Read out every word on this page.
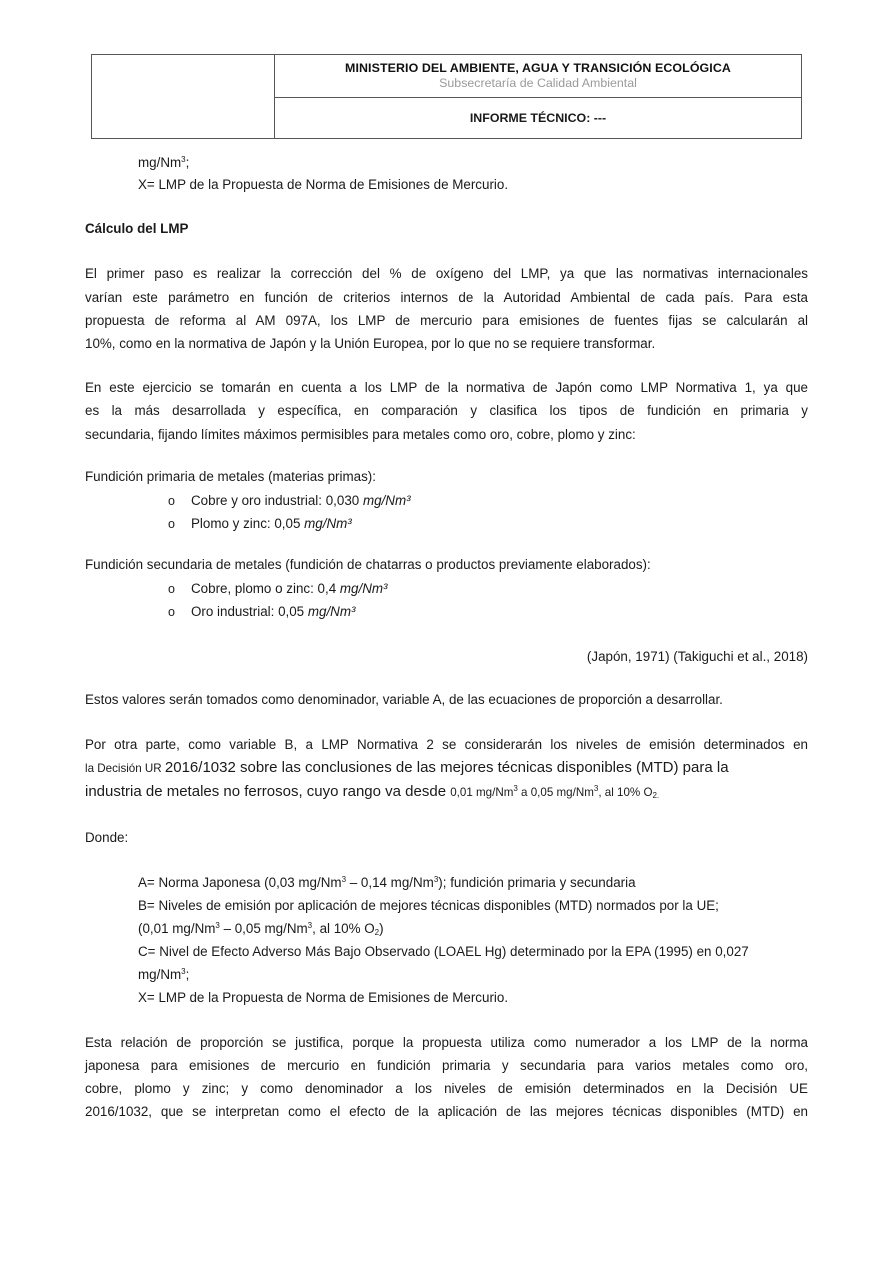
MINISTERIO DEL AMBIENTE, AGUA Y TRANSICIÓN ECOLÓGICA
Subsecretaría de Calidad Ambiental
INFORME TÉCNICO: ---
mg/Nm$^3$;
X= LMP de la Propuesta de Norma de Emisiones de Mercurio.
Cálculo del LMP
El primer paso es realizar la corrección del % de oxígeno del LMP, ya que las normativas internacionales
varían este parámetro en función de criterios internos de la Autoridad Ambiental de cada país. Para esta
propuesta de reforma al AM 097A, los LMP de mercurio para emisiones de fuentes fijas se calcularán al
10%, como en la normativa de Japón y la Unión Europea, por lo que no se requiere transformar.
En este ejercicio se tomarán en cuenta a los LMP de la normativa de Japón como LMP Normativa 1, ya que
es la más desarrollada y específica, en comparación y clasifica los tipos de fundición en primaria y
secundaria, fijando límites máximos permisibles para metales como oro, cobre, plomo y zinc:
Fundición primaria de metales (materias primas):
o Cobre y oro industrial: 0,030 mg/Nm³
o Plomo y zinc: 0,05 mg/Nm³
Fundición secundaria de metales (fundición de chatarras o productos previamente elaborados):
o Cobre, plomo o zinc: 0,4 mg/Nm³
o Oro industrial: 0,05 mg/Nm³
(Japón, 1971) (Takiguchi et al., 2018)
Estos valores serán tomados como denominador, variable A, de las ecuaciones de proporción a desarrollar.
Por otra parte, como variable B, a LMP Normativa 2 se considerarán los niveles de emisión determinados en
la Decisión UR 2016/1032 sobre las conclusiones de las mejores técnicas disponibles (MTD) para la
industria de metales no ferrosos, cuyo rango va desde 0,01 mg/Nm$^3$ a 0,05 mg/Nm$^3$, al 10% $O_{2.}$
Donde:
A= Norma Japonesa (0,03 mg/Nm$^3$ – 0,14 mg/Nm$^3$); fundición primaria y secundaria
B= Niveles de emisión por aplicación de mejores técnicas disponibles (MTD) normados por la UE;
(0,01 mg/Nm$^3$ – 0,05 mg/Nm$^3$, al 10% $O_2$)
C= Nivel de Efecto Adverso Más Bajo Observado (LOAEL Hg) determinado por la EPA (1995) en 0,027
mg/Nm$^3$;
X= LMP de la Propuesta de Norma de Emisiones de Mercurio.
Esta relación de proporción se justifica, porque la propuesta utiliza como numerador a los LMP de la norma
japonesa para emisiones de mercurio en fundición primaria y secundaria para varios metales como oro,
cobre, plomo y zinc; y como denominador a los niveles de emisión determinados en la Decisión UE
2016/1032, que se interpretan como el efecto de la aplicación de las mejores técnicas disponibles (MTD) en
